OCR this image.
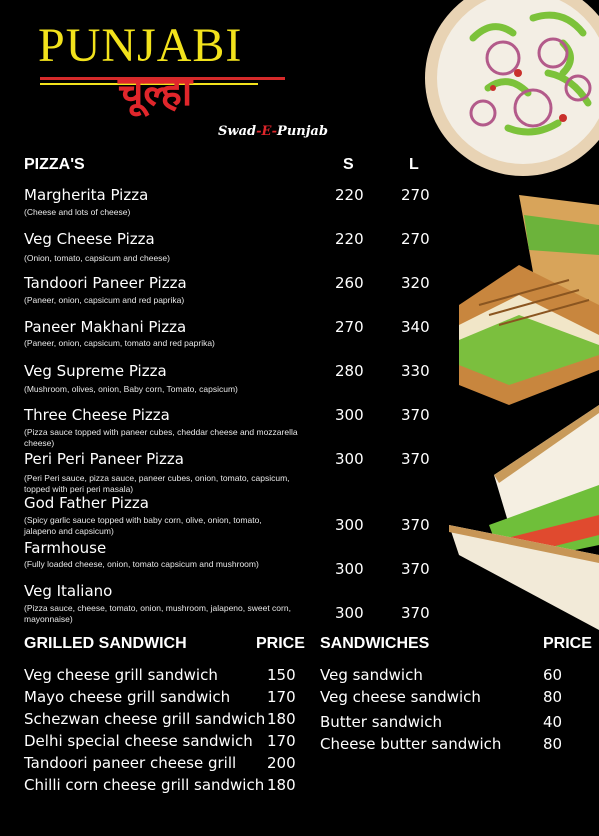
PUNJABI
चूल्हा
Swad-E-Punjab
PIZZA'S	S	L
Margherita Pizza
(Cheese and lots of cheese)
220 270
Veg Cheese Pizza
(Onion, tomato, capsicum and cheese)
220 270
Tandoori Paneer Pizza
(Paneer, onion, capsicum and red paprika)
260 320
Paneer Makhani Pizza
(Paneer, onion, capsicum, tomato and red paprika)
270 340
Veg Supreme Pizza
(Mushroom, olives, onion, Baby corn, Tomato, capsicum)
280 330
Three Cheese Pizza
(Pizza sauce topped with paneer cubes, cheddar cheese and mozzarella cheese)
300 370
Peri Peri Paneer Pizza
(Peri Peri sauce, pizza sauce, paneer cubes, onion, tomato, capsicum, topped with peri peri masala)
300 370
God Father Pizza
(Spicy garlic sauce topped with baby corn, olive, onion, tomato, jalapeno and capsicum)	300 370
Farmhouse
(Fully loaded cheese, onion, tomato capsicum and mushroom)	300 370
Veg Italiano
(Pizza sauce, cheese, tomato, onion, mushroom, jalapeno, sweet corn, mayonnaise)	300 370
GRILLED SANDWICH	PRICE
Veg cheese grill sandwich	150
Mayo cheese grill sandwich 170
Schezwan cheese grill sandwich 180
Delhi special cheese sandwich 170
Tandoori paneer cheese grill 200
Chilli corn cheese grill sandwich 180
SANDWICHES	PRICE
Veg sandwich	60
Veg cheese sandwich	80
Butter sandwich	40
Cheese butter sandwich	80
